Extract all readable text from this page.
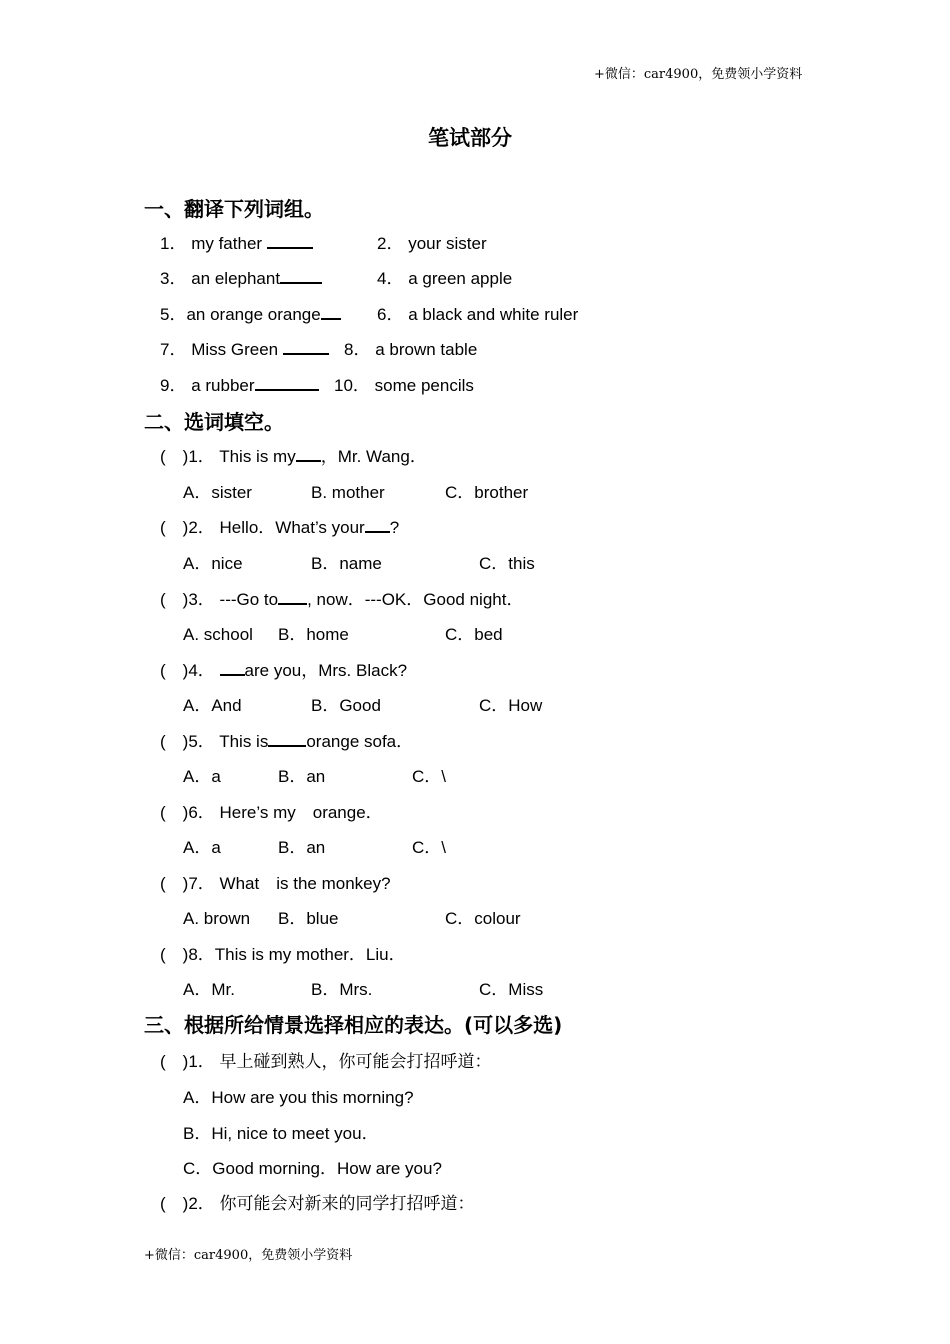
+微信：car4900，免费领小学资料
笔试部分
一、翻译下列词组。
1． my father	2． your sister
3． an elephant	4． a green apple
5．an orange orange	6． a black and white ruler
7． Miss Green	8． a brown table
9． a rubber	10． some pencils
二、选词填空。
(　)1． This is my ，Mr. Wang．
A．sister	B. mother	C．brother
(　)2． Hello．What’s your ?
A．nice	B．name	C．this
(　)3． ---Go to , now．---OK．Good night．
A. school B．home	C．bed
(　)4． are you，Mrs. Black?
A．And	B．Good	C．How
(　)5． This is orange sofa．
A．a	B．an	C．\
(　)6． Here’s my　 orange．
A．a	B．an	C．\
(　)7． What　 is the monkey?
A. brown B．blue	C．colour
(　)8．This is my mother．Liu．
A．Mr.	B．Mrs.	C．Miss
三、根据所给情景选择相应的表达。(可以多选)
(　)1． 早上碰到熟人，你可能会打招呼道：
A．How are you this morning?
B．Hi, nice to meet you．
C．Good morning．How are you?
(　)2． 你可能会对新来的同学打招呼道：
+微信：car4900，免费领小学资料
